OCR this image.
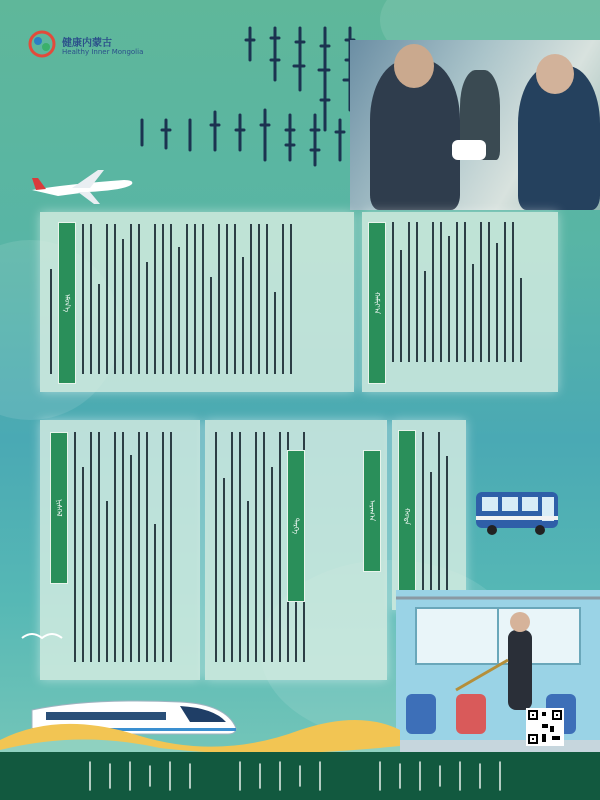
健康内蒙古
Healthy Inner Mongolia
ᠡᠮᠦᠨ᠎ᠡ	ᠬᠠᠮᠢᠶ᠎ᠠ
ᠨᠢᠰᠬᠡᠯ
ᠲᠡᠷᠭᠡ
ᠠᠷᠠᠭ᠎ᠠ	ᠬᠤᠲᠠ
